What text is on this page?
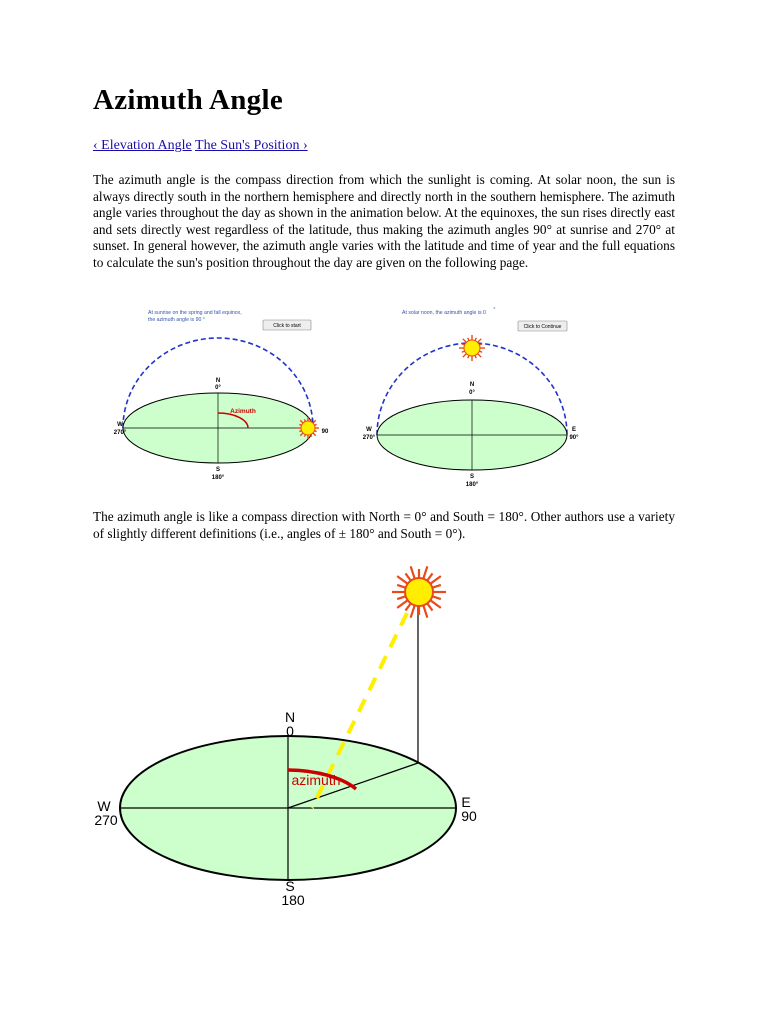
Azimuth Angle
‹ Elevation Angle The Sun's Position ›

The azimuth angle is the compass direction from which the sunlight is coming. At solar noon, the sun is always directly south in the northern hemisphere and directly north in the southern hemisphere. The azimuth angle varies throughout the day as shown in the animation below. At the equinoxes, the sun rises directly east and sets directly west regardless of the latitude, thus making the azimuth angles 90° at sunrise and 270° at sunset. In general however, the azimuth angle varies with the latitude and time of year and the full equations to calculate the sun's position throughout the day are given on the following page.

At sunrise on the spring and fall equinox, the azimuth angle is 90 °
Click to start
Azimuth
N
0°
S
180°
W
270°	90
At solar noon, the azimuth angle is 0 °
Click to Continue
N
0°
S
180°
W
270°
E
90°

The azimuth angle is like a compass direction with North = 0° and South = 180°. Other authors use a variety of slightly different definitions (i.e., angles of ± 180° and South = 0°).

azimuth
N
0
S
180
W
270
E
90
